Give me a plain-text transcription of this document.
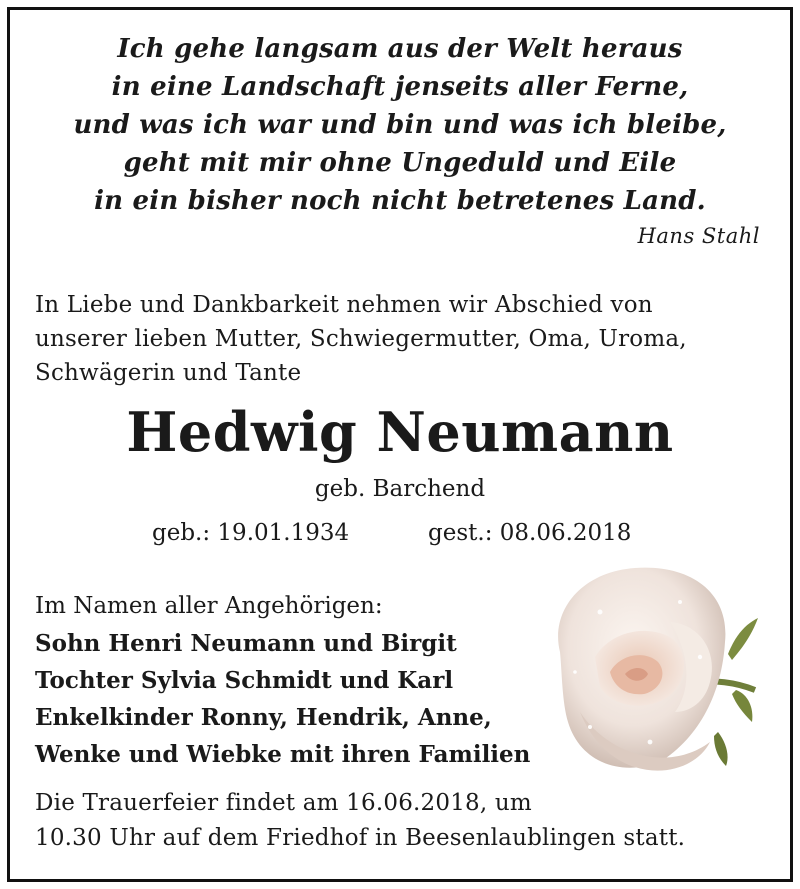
Ich gehe langsam aus der Welt heraus
in eine Landschaft jenseits aller Ferne,
und was ich war und bin und was ich bleibe,
geht mit mir ohne Ungeduld und Eile
in ein bisher noch nicht betretenes Land.
Hans Stahl
In Liebe und Dankbarkeit nehmen wir Abschied von
unserer lieben Mutter, Schwiegermutter, Oma, Uroma,
Schwägerin und Tante
Hedwig Neumann
geb. Barchend
geb.: 19.01.1934	gest.: 08.06.2018
Im Namen aller Angehörigen:
Sohn Henri Neumann und Birgit
Tochter Sylvia Schmidt und Karl
Enkelkinder Ronny, Hendrik, Anne,
Wenke und Wiebke mit ihren Familien
Die Trauerfeier findet am 16.06.2018, um
10.30 Uhr auf dem Friedhof in Beesenlaublingen statt.
